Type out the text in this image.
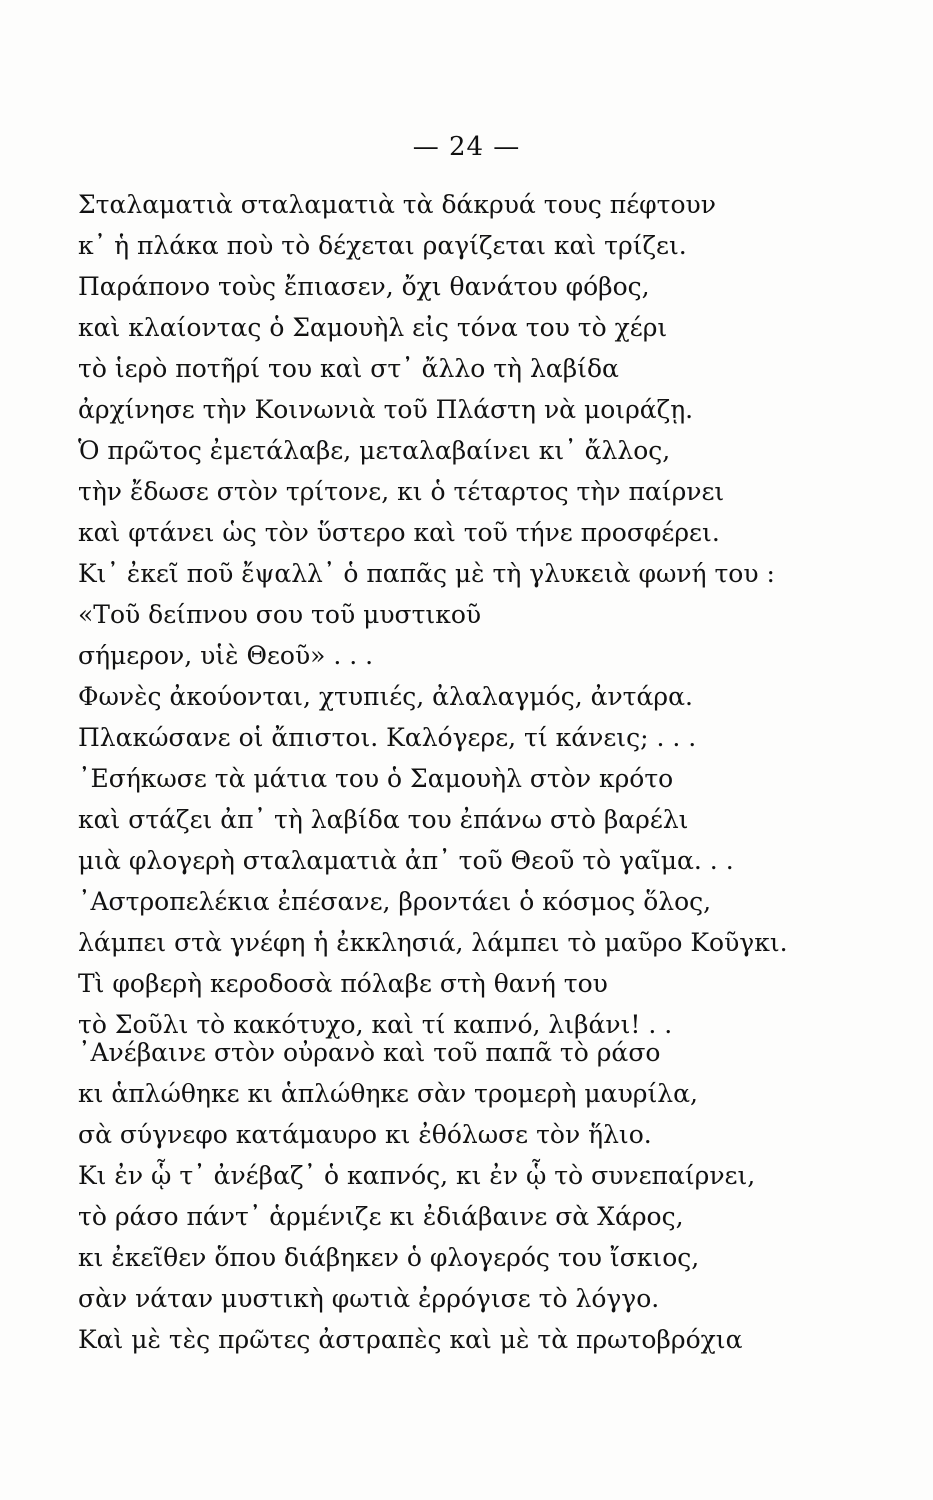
— 24 —
Σταλαματιὰ σταλαματιὰ τὰ δάκρυά τους πέφτουν
κ᾿ ἡ πλάκα ποὺ τὸ δέχεται ραγίζεται καὶ τρίζει.
Παράπονο τοὺς ἔπιασεν, ὄχι θανάτου φόβος,
καὶ κλαίοντας ὁ Σαμουὴλ εἰς τόνα του τὸ χέρι
τὸ ἱερὸ ποτῆρί του καὶ στ᾿ ἄλλο τὴ λαβίδα
ἀρχίνησε τὴν Κοινωνιὰ τοῦ Πλάστη νὰ μοιράζῃ.
Ὁ πρῶτος ἐμετάλαβε, μεταλαβαίνει κι᾿ ἄλλος,
τὴν ἔδωσε στὸν τρίτονε, κι ὁ τέταρτος τὴν παίρνει
καὶ φτάνει ὡς τὸν ὕστερο καὶ τοῦ τήνε προσφέρει.
Κι᾿ ἐκεῖ ποῦ ἔψαλλ᾿ ὁ παπᾶς μὲ τὴ γλυκειὰ φωνή του :
«Τοῦ δείπνου σου τοῦ μυστικοῦ
σήμερον, υἱὲ Θεοῦ» . . .
Φωνὲς ἀκούονται, χτυπιές, ἀλαλαγμός, ἀντάρα.
Πλακώσανε οἱ ἄπιστοι. Καλόγερε, τί κάνεις; . . .
᾿Εσήκωσε τὰ μάτια του ὁ Σαμουὴλ στὸν κρότο
καὶ στάζει ἀπ᾿ τὴ λαβίδα του ἐπάνω στὸ βαρέλι
μιὰ φλογερὴ σταλαματιὰ ἀπ᾿ τοῦ Θεοῦ τὸ γαῖμα. . .
᾿Αστροπελέκια ἐπέσανε, βροντάει ὁ κόσμος ὅλος,
λάμπει στὰ γνέφη ἡ ἐκκλησιά, λάμπει τὸ μαῦρο Κοῦγκι.
Τὶ φοβερὴ κεροδοσὰ πόλαβε στὴ θανή του
τὸ Σοῦλι τὸ κακότυχο, καὶ τί καπνό, λιβάνι! . .
᾿Ανέβαινε στὸν οὐρανὸ καὶ τοῦ παπᾶ τὸ ράσο
κι ἁπλώθηκε κι ἁπλώθηκε σὰν τρομερὴ μαυρίλα,
σὰ σύγνεφο κατάμαυρο κι ἐθόλωσε τὸν ἥλιο.
Κι ἐν ᾧ τ᾿ ἀνέβαζ᾿ ὁ καπνός, κι ἐν ᾧ τὸ συνεπαίρνει,
τὸ ράσο πάντ᾿ ἁρμένιζε κι ἐδιάβαινε σὰ Χάρος,
κι ἐκεῖθεν ὅπου διάβηκεν ὁ φλογερός του ἴσκιος,
σὰν νάταν μυστικὴ φωτιὰ ἐρρόγισε τὸ λόγγο.
Καὶ μὲ τὲς πρῶτες ἀστραπὲς καὶ μὲ τὰ πρωτοβρόχια
